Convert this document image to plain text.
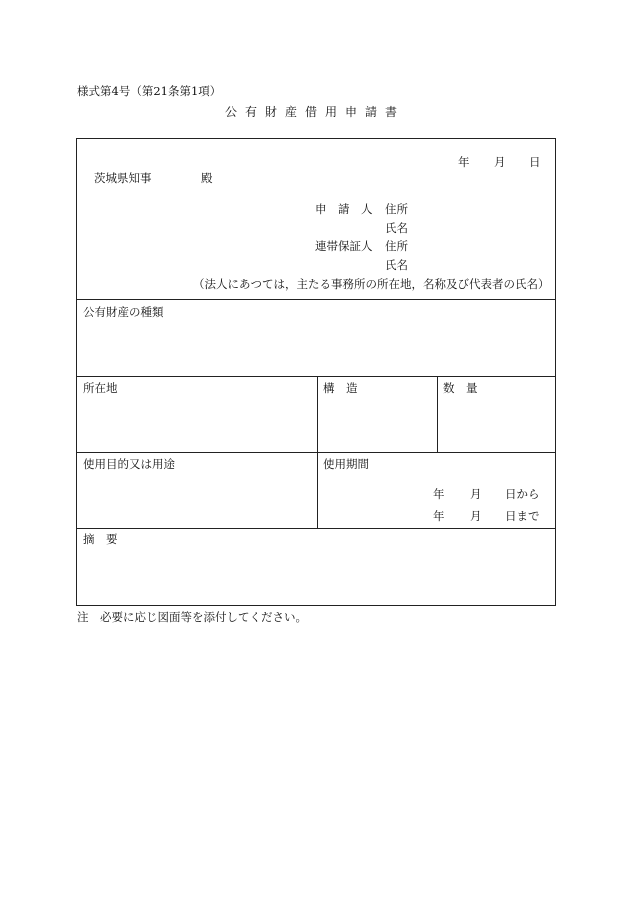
様式第4号（第21条第1項）
公有財産借用申請書
年 月 日
茨城県知事	殿
申　請　人 住所
氏名
連帯保証人 住所
氏名
（法人にあつては，主たる事務所の所在地，名称及び代表者の氏名）
公有財産の種類
所在地	構　造	数　量
使用目的又は用途	使用期間
年 月 日から
年 月 日まで
摘　要
注　必要に応じ図面等を添付してください。
